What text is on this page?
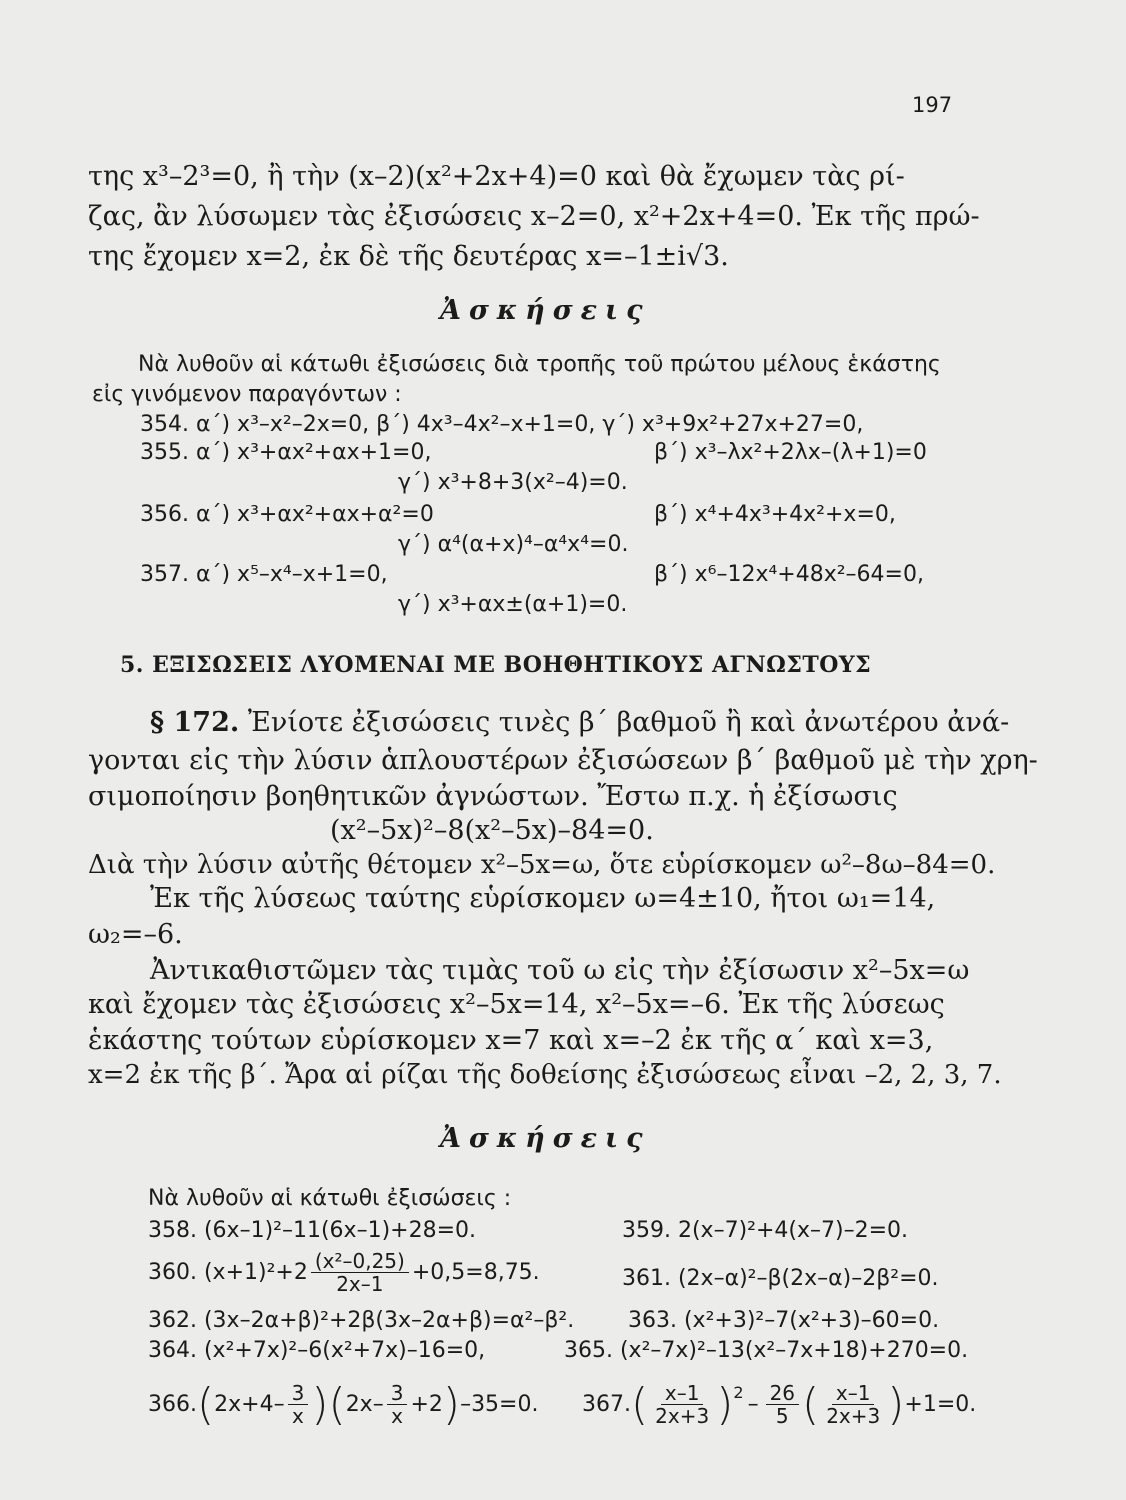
197
της x³–2³=0, ἢ τὴν (x–2)(x²+2x+4)=0 καὶ θὰ ἔχωμεν τὰς ρί-
ζας, ἂν λύσωμεν τὰς ἐξισώσεις x–2=0, x²+2x+4=0. Ἐκ τῆς πρώ-
της ἔχομεν x=2, ἐκ δὲ τῆς δευτέρας x=–1±i√3.
Ἀσκήσεις
Νὰ λυθοῦν αἱ κάτωθι ἐξισώσεις διὰ τροπῆς τοῦ πρώτου μέλους ἑκάστης
εἰς γινόμενον παραγόντων :
354. α΄) x³–x²–2x=0, β΄) 4x³–4x²–x+1=0, γ΄) x³+9x²+27x+27=0,
355. α΄) x³+αx²+αx+1=0,	β΄) x³–λx²+2λx–(λ+1)=0
γ΄) x³+8+3(x²–4)=0.
356. α΄) x³+αx²+αx+α²=0	β΄) x⁴+4x³+4x²+x=0,
γ΄) α⁴(α+x)⁴–α⁴x⁴=0.
357. α΄) x⁵–x⁴–x+1=0,	β΄) x⁶–12x⁴+48x²–64=0,
γ΄) x³+αx±(α+1)=0.
5. ΕΞΙΣΩΣΕΙΣ ΛΥΟΜΕΝΑΙ ΜΕ ΒΟΗΘΗΤΙΚΟΥΣ ΑΓΝΩΣΤΟΥΣ
§ 172. Ἐνίοτε ἐξισώσεις τινὲς β΄ βαθμοῦ ἢ καὶ ἀνωτέρου ἀνά-
γονται εἰς τὴν λύσιν ἁπλουστέρων ἐξισώσεων β΄ βαθμοῦ μὲ τὴν χρη-
σιμοποίησιν βοηθητικῶν ἀγνώστων. Ἔστω π.χ. ἡ ἐξίσωσις
(x²–5x)²–8(x²–5x)–84=0.
Διὰ τὴν λύσιν αὐτῆς θέτομεν x²–5x=ω, ὅτε εὑρίσκομεν ω²–8ω–84=0.
Ἐκ τῆς λύσεως ταύτης εὑρίσκομεν ω=4±10, ἤτοι ω₁=14,
ω₂=–6.
Ἀντικαθιστῶμεν τὰς τιμὰς τοῦ ω εἰς τὴν ἐξίσωσιν x²–5x=ω
καὶ ἔχομεν τὰς ἐξισώσεις x²–5x=14, x²–5x=–6. Ἐκ τῆς λύσεως
ἑκάστης τούτων εὑρίσκομεν x=7 καὶ x=–2 ἐκ τῆς α΄ καὶ x=3,
x=2 ἐκ τῆς β΄. Ἄρα αἱ ρίζαι τῆς δοθείσης ἐξισώσεως εἶναι –2, 2, 3, 7.
Ἀσκήσεις
Νὰ λυθοῦν αἱ κάτωθι ἐξισώσεις :
358. (6x–1)²–11(6x–1)+28=0.	359. 2(x–7)²+4(x–7)–2=0.
360. $(x+1)^2+2 \frac{\text{(x²–0,25)}}{2x-1} +0,5=8,75$.	361. (2x–α)²–β(2x–α)–2β²=0.
362. (3x–2α+β)²+2β(3x–2α+β)=α²–β². 363. (x²+3)²–7(x²+3)–60=0.
364. (x²+7x)²–6(x²+7x)–16=0,	365. (x²–7x)²–13(x²–7x+18)+270=0.
366. ( $2x+4- \frac{3}{x}$ ) ( $2x- \frac{3}{x} +2$ ) –35=0. 367. ( $\frac{x-1}{2x+3} )^2 - \frac{26}{5}$ ( $\frac{x-1}{2x+3}$ ) +1=0.
